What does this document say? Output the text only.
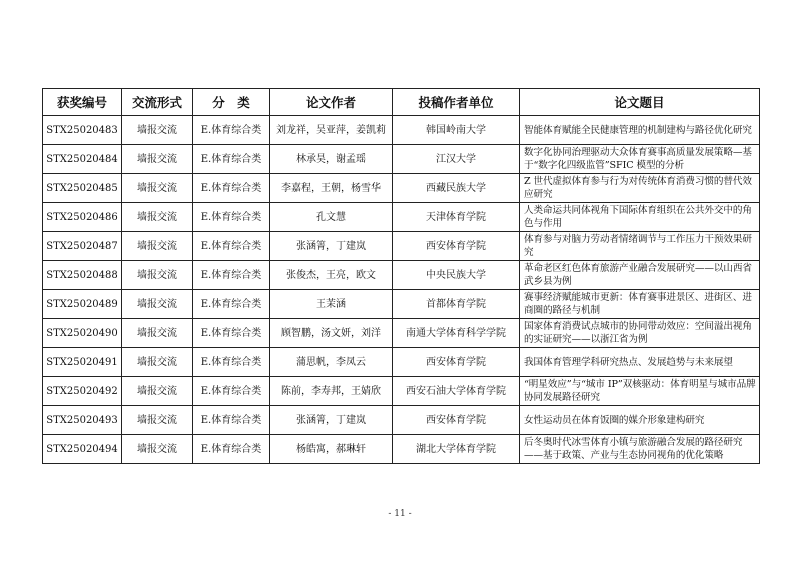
获奖编号	交流形式	分　类	论文作者	投稿作者单位	论文题目
STX25020483	墙报交流	E.体育综合类	刘龙祥，吴亚萍，姜凯莉	韩国岭南大学	智能体育赋能全民健康管理的机制建构与路径优化研究
STX25020484	墙报交流	E.体育综合类	林承昊，谢孟瑶	江汉大学	数字化协同治理驱动大众体育赛事高质量发展策略—基于“数字化四级监管”SFIC 模型的分析
STX25020485	墙报交流	E.体育综合类	李嘉程，王朝，杨雪华	西藏民族大学	Z 世代虚拟体育参与行为对传统体育消费习惯的替代效应研究
STX25020486	墙报交流	E.体育综合类	孔文慧	天津体育学院	人类命运共同体视角下国际体育组织在公共外交中的角色与作用
STX25020487	墙报交流	E.体育综合类	张涵箐，丁建岚	西安体育学院	体育参与对脑力劳动者情绪调节与工作压力干预效果研究
STX25020488	墙报交流	E.体育综合类	张俊杰，王亮，欧文	中央民族大学	革命老区红色体育旅游产业融合发展研究——以山西省武乡县为例
STX25020489	墙报交流	E.体育综合类	王茉涵	首都体育学院	赛事经济赋能城市更新：体育赛事进景区、进街区、进商圈的路径与机制
STX25020490	墙报交流	E.体育综合类	顾智鹏，汤文妍，刘洋	南通大学体育科学学院	国家体育消费试点城市的协同带动效应：空间溢出视角的实证研究——以浙江省为例
STX25020491	墙报交流	E.体育综合类	蒲思帆，李凤云	西安体育学院	我国体育管理学科研究热点、发展趋势与未来展望
STX25020492	墙报交流	E.体育综合类	陈前，李寿邦，王婧欣	西安石油大学体育学院	“明星效应”与“城市 IP”双核驱动：体育明星与城市品牌协同发展路径研究
STX25020493	墙报交流	E.体育综合类	张涵箐，丁建岚	西安体育学院	女性运动员在体育饭圈的媒介形象建构研究
STX25020494	墙报交流	E.体育综合类	杨皓寓，郝琳轩	湖北大学体育学院	后冬奥时代冰雪体育小镇与旅游融合发展的路径研究——基于政策、产业与生态协同视角的优化策略
- 11 -
